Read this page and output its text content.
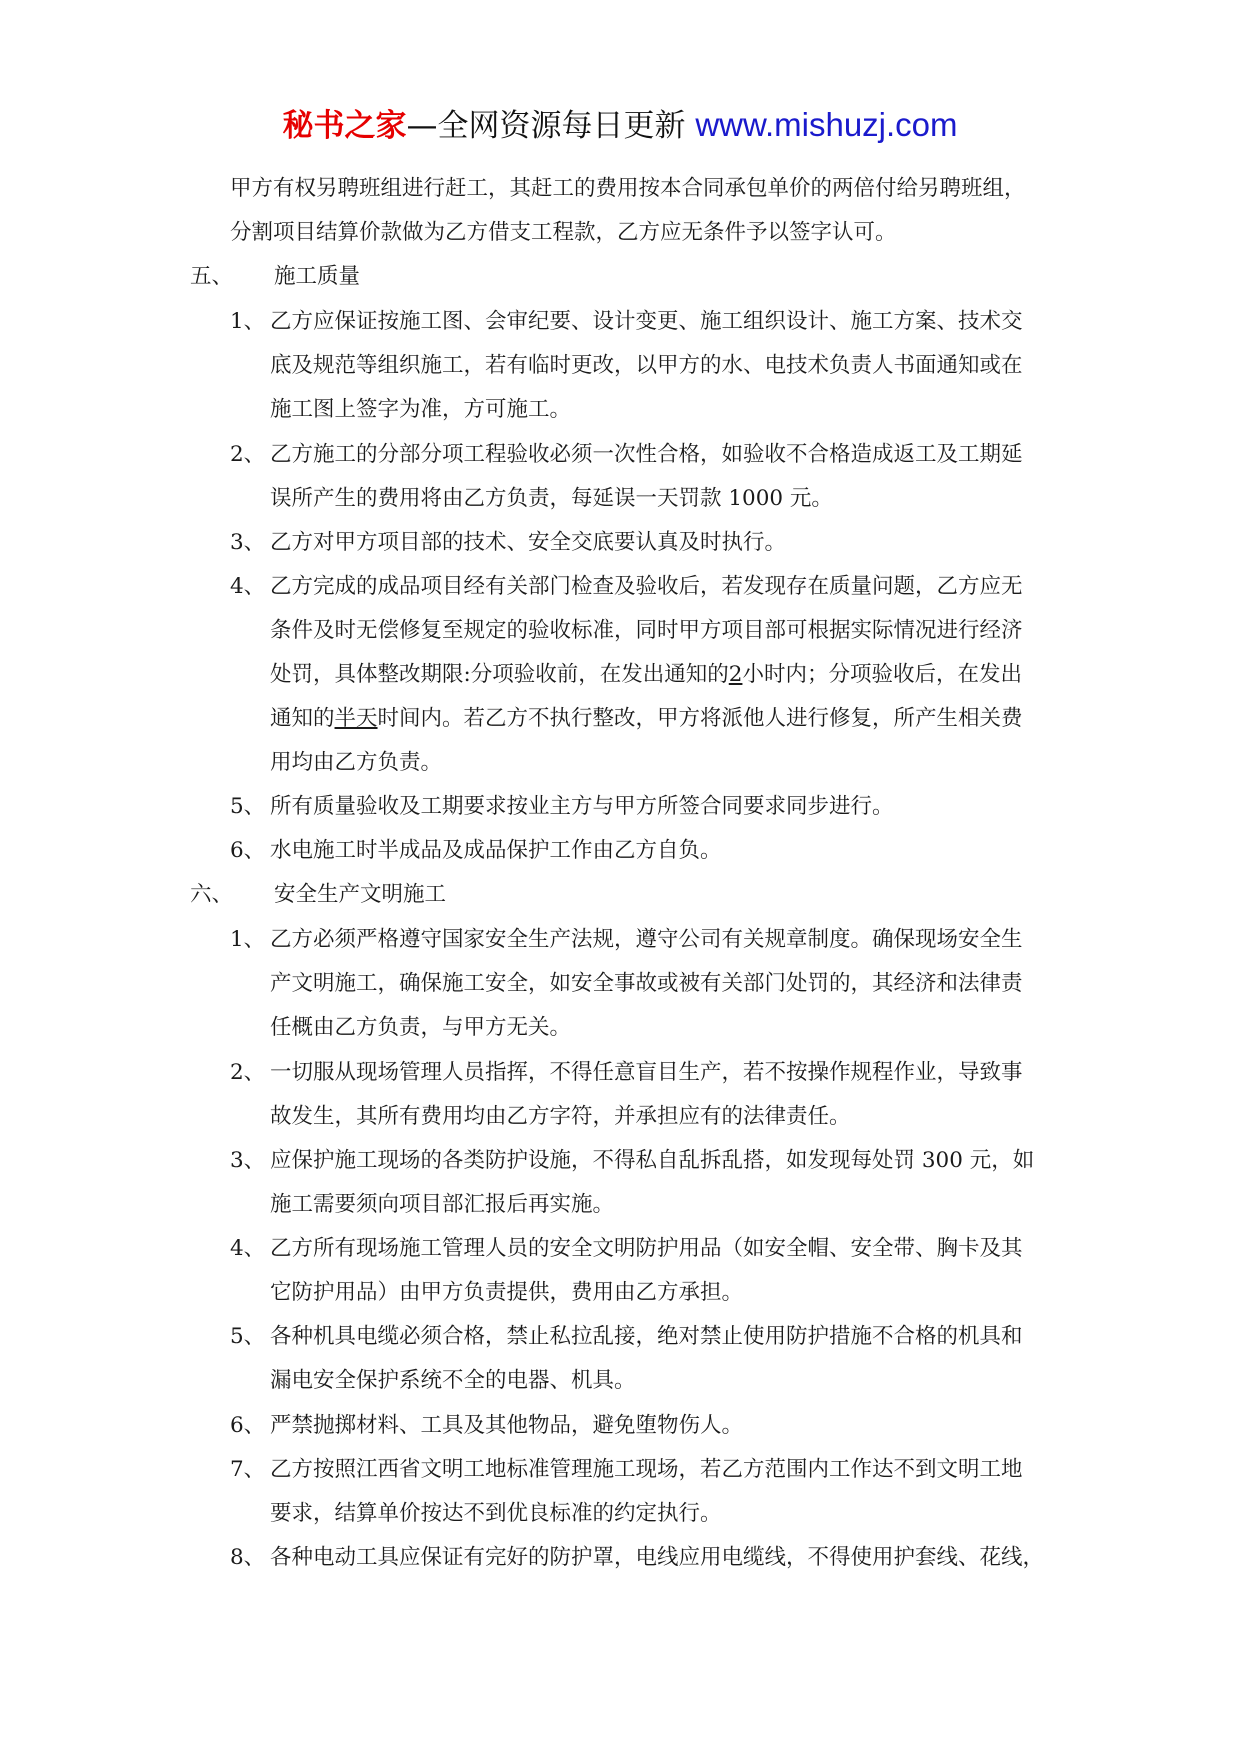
秘书之家—全网资源每日更新 www.mishuzj.com
甲方有权另聘班组进行赶工，其赶工的费用按本合同承包单价的两倍付给另聘班组，
分割项目结算价款做为乙方借支工程款，乙方应无条件予以签字认可。
五、 施工质量
1、 乙方应保证按施工图、会审纪要、设计变更、施工组织设计、施工方案、技术交
底及规范等组织施工，若有临时更改，以甲方的水、电技术负责人书面通知或在
施工图上签字为准，方可施工。
2、 乙方施工的分部分项工程验收必须一次性合格，如验收不合格造成返工及工期延
误所产生的费用将由乙方负责，每延误一天罚款 1000 元。
3、 乙方对甲方项目部的技术、安全交底要认真及时执行。
4、 乙方完成的成品项目经有关部门检查及验收后，若发现存在质量问题，乙方应无
条件及时无偿修复至规定的验收标准，同时甲方项目部可根据实际情况进行经济
处罚，具体整改期限:分项验收前，在发出通知的2小时内；分项验收后，在发出
通知的半天时间内。若乙方不执行整改，甲方将派他人进行修复，所产生相关费
用均由乙方负责。
5、 所有质量验收及工期要求按业主方与甲方所签合同要求同步进行。
6、 水电施工时半成品及成品保护工作由乙方自负。
六、 安全生产文明施工
1、 乙方必须严格遵守国家安全生产法规，遵守公司有关规章制度。确保现场安全生
产文明施工，确保施工安全，如安全事故或被有关部门处罚的，其经济和法律责
任概由乙方负责，与甲方无关。
2、 一切服从现场管理人员指挥，不得任意盲目生产，若不按操作规程作业，导致事
故发生，其所有费用均由乙方字符，并承担应有的法律责任。
3、 应保护施工现场的各类防护设施，不得私自乱拆乱搭，如发现每处罚 300 元，如
施工需要须向项目部汇报后再实施。
4、 乙方所有现场施工管理人员的安全文明防护用品（如安全帽、安全带、胸卡及其
它防护用品）由甲方负责提供，费用由乙方承担。
5、 各种机具电缆必须合格，禁止私拉乱接，绝对禁止使用防护措施不合格的机具和
漏电安全保护系统不全的电器、机具。
6、 严禁抛掷材料、工具及其他物品，避免堕物伤人。
7、 乙方按照江西省文明工地标准管理施工现场，若乙方范围内工作达不到文明工地
要求，结算单价按达不到优良标准的约定执行。
8、 各种电动工具应保证有完好的防护罩，电线应用电缆线，不得使用护套线、花线，
